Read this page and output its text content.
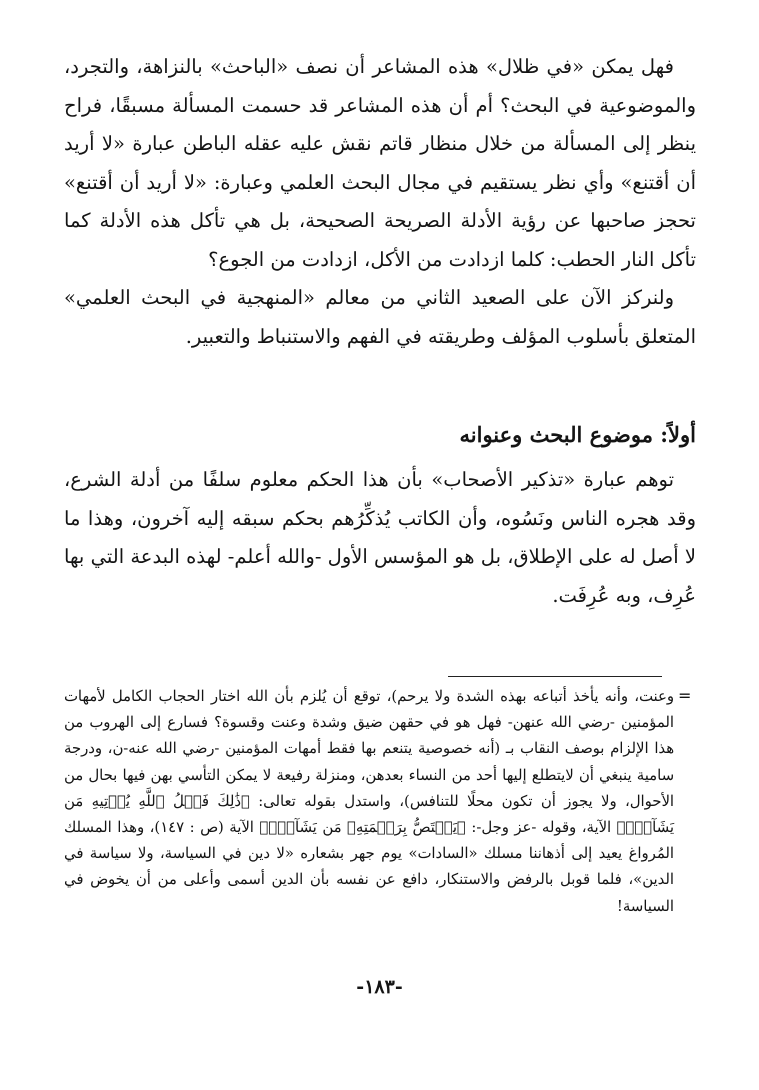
فهل يمكن «في ظلال» هذه المشاعر أن نصف «الباحث» بالنزاهة، والتجرد، والموضوعية في البحث؟ أم أن هذه المشاعر قد حسمت المسألة مسبقًا، فراح ينظر إلى المسألة من خلال منظار قاتم نقش عليه عقله الباطن عبارة «لا أريد أن أقتنع» وأي نظر يستقيم في مجال البحث العلمي وعبارة: «لا أريد أن أقتنع» تحجز صاحبها عن رؤية الأدلة الصريحة الصحيحة، بل هي تأكل هذه الأدلة كما تأكل النار الحطب: كلما ازدادت من الأكل، ازدادت من الجوع؟

ولنركز الآن على الصعيد الثاني من معالم «المنهجية في البحث العلمي» المتعلق بأسلوب المؤلف وطريقته في الفهم والاستنباط والتعبير.

أولاً: موضوع البحث وعنوانه

توهم عبارة «تذكير الأصحاب» بأن هذا الحكم معلوم سلفًا من أدلة الشرع، وقد هجره الناس ونَسُوه، وأن الكاتب يُذكِّرُهم بحكم سبقه إليه آخرون، وهذا ما لا أصل له على الإطلاق، بل هو المؤسس الأول -والله أعلم- لهذه البدعة التي بها عُرِف، وبه عُرِفَت.

=

وعنت، وأنه يأخذ أتباعه بهذه الشدة ولا يرحم)، توقع أن يُلزم بأن الله اختار الحجاب الكامل لأمهات المؤمنين -رضي الله عنهن- فهل هو في حقهن ضيق وشدة وعنت وقسوة؟ فسارع إلى الهروب من هذا الإلزام بوصف النقاب بـ (أنه خصوصية يتنعم بها فقط أمهات المؤمنين -رضي الله عنه-ن، ودرجة سامية ينبغي أن لايتطلع إليها أحد من النساء بعدهن، ومنزلة رفيعة لا يمكن التأسي بهن فيها بحال من الأحوال، ولا يجوز أن تكون محلًا للتنافس)، واستدل بقوله تعالى: ﴿ذَٰلِكَ فَضۡلُ ٱللَّهِ يُؤۡتِيهِ مَن يَشَآءُۚ﴾ الآية، وقوله -عز وجل-: ﴿يَخۡتَصُّ بِرَحۡمَتِهِۦ مَن يَشَآءُۚ﴾ الآية (ص : ١٤٧)، وهذا المسلك المُرواغ يعيد إلى أذهاننا مسلك «السادات» يوم جهر بشعاره «لا دين في السياسة، ولا سياسة في الدين»، فلما قوبل بالرفض والاستنكار، دافع عن نفسه بأن الدين أسمى وأعلى من أن يخوض في السياسة!

-١٨٣-
